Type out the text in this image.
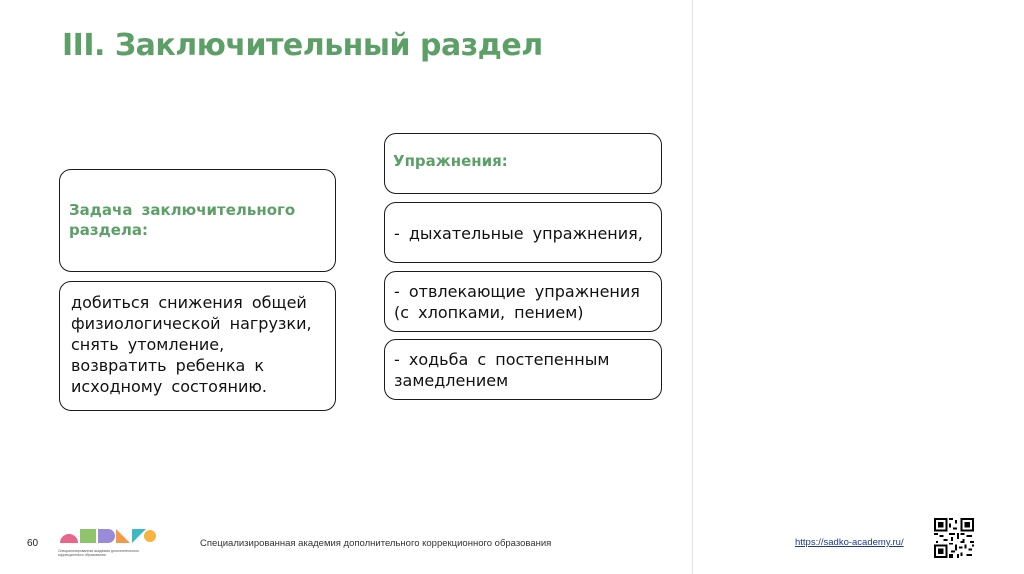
III. Заключительный раздел
Задача заключительного раздела:
добиться снижения общей
физиологической нагрузки,
снять утомление,
возвратить ребенка к
исходному состоянию.
Упражнения:
- дыхательные упражнения,
- отвлекающие упражнения
(с хлопками, пением)
- ходьба с постепенным
замедлением
60
Специализированная академия дополнительного коррекционного образования
Специализированная академия дополнительного коррекционного образования	https://sadko-academy.ru/
